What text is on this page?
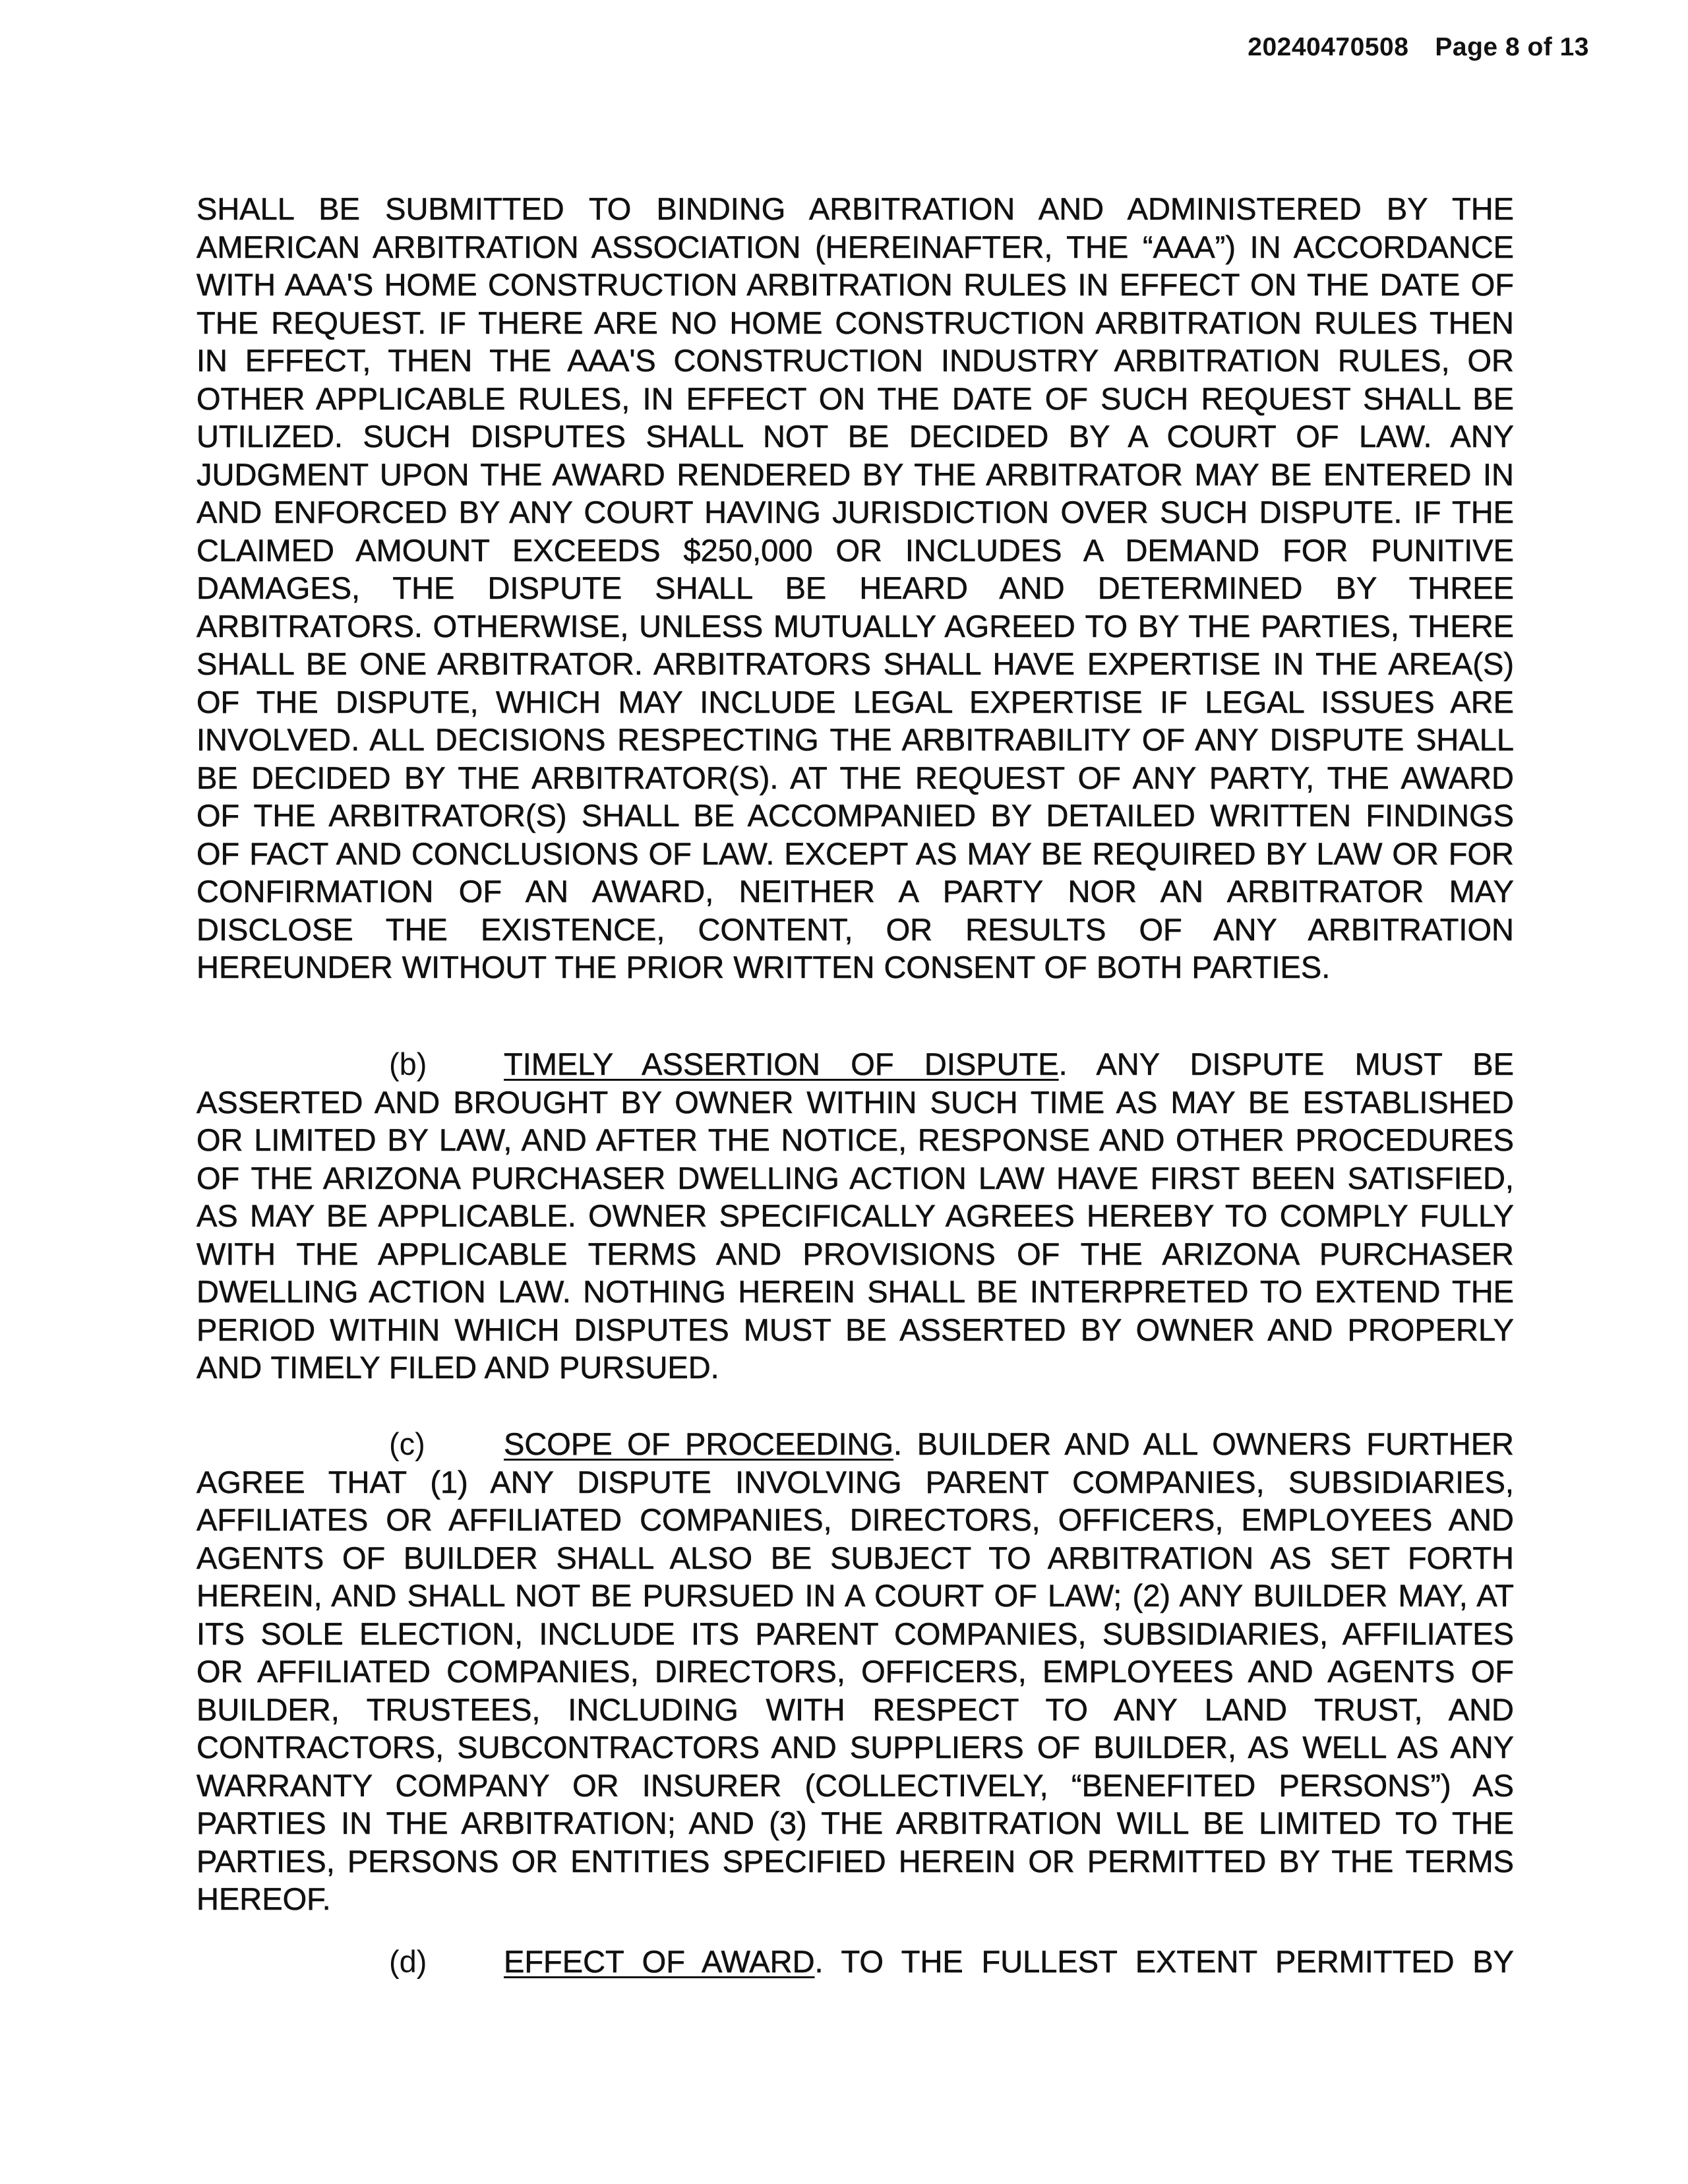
20240470508 Page 8 of 13

SHALL BE SUBMITTED TO BINDING ARBITRATION AND ADMINISTERED BY THE AMERICAN ARBITRATION ASSOCIATION (HEREINAFTER, THE “AAA”) IN ACCORDANCE WITH AAA'S HOME CONSTRUCTION ARBITRATION RULES IN EFFECT ON THE DATE OF THE REQUEST. IF THERE ARE NO HOME CONSTRUCTION ARBITRATION RULES THEN IN EFFECT, THEN THE AAA'S CONSTRUCTION INDUSTRY ARBITRATION RULES, OR OTHER APPLICABLE RULES, IN EFFECT ON THE DATE OF SUCH REQUEST SHALL BE UTILIZED. SUCH DISPUTES SHALL NOT BE DECIDED BY A COURT OF LAW. ANY JUDGMENT UPON THE AWARD RENDERED BY THE ARBITRATOR MAY BE ENTERED IN AND ENFORCED BY ANY COURT HAVING JURISDICTION OVER SUCH DISPUTE. IF THE CLAIMED AMOUNT EXCEEDS $250,000 OR INCLUDES A DEMAND FOR PUNITIVE DAMAGES, THE DISPUTE SHALL BE HEARD AND DETERMINED BY THREE ARBITRATORS. OTHERWISE, UNLESS MUTUALLY AGREED TO BY THE PARTIES, THERE SHALL BE ONE ARBITRATOR. ARBITRATORS SHALL HAVE EXPERTISE IN THE AREA(S) OF THE DISPUTE, WHICH MAY INCLUDE LEGAL EXPERTISE IF LEGAL ISSUES ARE INVOLVED. ALL DECISIONS RESPECTING THE ARBITRABILITY OF ANY DISPUTE SHALL BE DECIDED BY THE ARBITRATOR(S). AT THE REQUEST OF ANY PARTY, THE AWARD OF THE ARBITRATOR(S) SHALL BE ACCOMPANIED BY DETAILED WRITTEN FINDINGS OF FACT AND CONCLUSIONS OF LAW. EXCEPT AS MAY BE REQUIRED BY LAW OR FOR CONFIRMATION OF AN AWARD, NEITHER A PARTY NOR AN ARBITRATOR MAY DISCLOSE THE EXISTENCE, CONTENT, OR RESULTS OF ANY ARBITRATION HEREUNDER WITHOUT THE PRIOR WRITTEN CONSENT OF BOTH PARTIES.

(b) TIMELY ASSERTION OF DISPUTE. ANY DISPUTE MUST BE ASSERTED AND BROUGHT BY OWNER WITHIN SUCH TIME AS MAY BE ESTABLISHED OR LIMITED BY LAW, AND AFTER THE NOTICE, RESPONSE AND OTHER PROCEDURES OF THE ARIZONA PURCHASER DWELLING ACTION LAW HAVE FIRST BEEN SATISFIED, AS MAY BE APPLICABLE. OWNER SPECIFICALLY AGREES HEREBY TO COMPLY FULLY WITH THE APPLICABLE TERMS AND PROVISIONS OF THE ARIZONA PURCHASER DWELLING ACTION LAW. NOTHING HEREIN SHALL BE INTERPRETED TO EXTEND THE PERIOD WITHIN WHICH DISPUTES MUST BE ASSERTED BY OWNER AND PROPERLY AND TIMELY FILED AND PURSUED.

(c)	SCOPE OF PROCEEDING. BUILDER AND ALL OWNERS FURTHER AGREE THAT (1) ANY DISPUTE INVOLVING PARENT COMPANIES, SUBSIDIARIES, AFFILIATES OR AFFILIATED COMPANIES, DIRECTORS, OFFICERS, EMPLOYEES AND AGENTS OF BUILDER SHALL ALSO BE SUBJECT TO ARBITRATION AS SET FORTH HEREIN, AND SHALL NOT BE PURSUED IN A COURT OF LAW; (2) ANY BUILDER MAY, AT ITS SOLE ELECTION, INCLUDE ITS PARENT COMPANIES, SUBSIDIARIES, AFFILIATES OR AFFILIATED COMPANIES, DIRECTORS, OFFICERS, EMPLOYEES AND AGENTS OF BUILDER, TRUSTEES, INCLUDING WITH RESPECT TO ANY LAND TRUST, AND CONTRACTORS, SUBCONTRACTORS AND SUPPLIERS OF BUILDER, AS WELL AS ANY WARRANTY COMPANY OR INSURER (COLLECTIVELY, “BENEFITED PERSONS”) AS PARTIES IN THE ARBITRATION; AND (3) THE ARBITRATION WILL BE LIMITED TO THE PARTIES, PERSONS OR ENTITIES SPECIFIED HEREIN OR PERMITTED BY THE TERMS HEREOF.

(d) EFFECT OF AWARD. TO THE FULLEST EXTENT PERMITTED BY
